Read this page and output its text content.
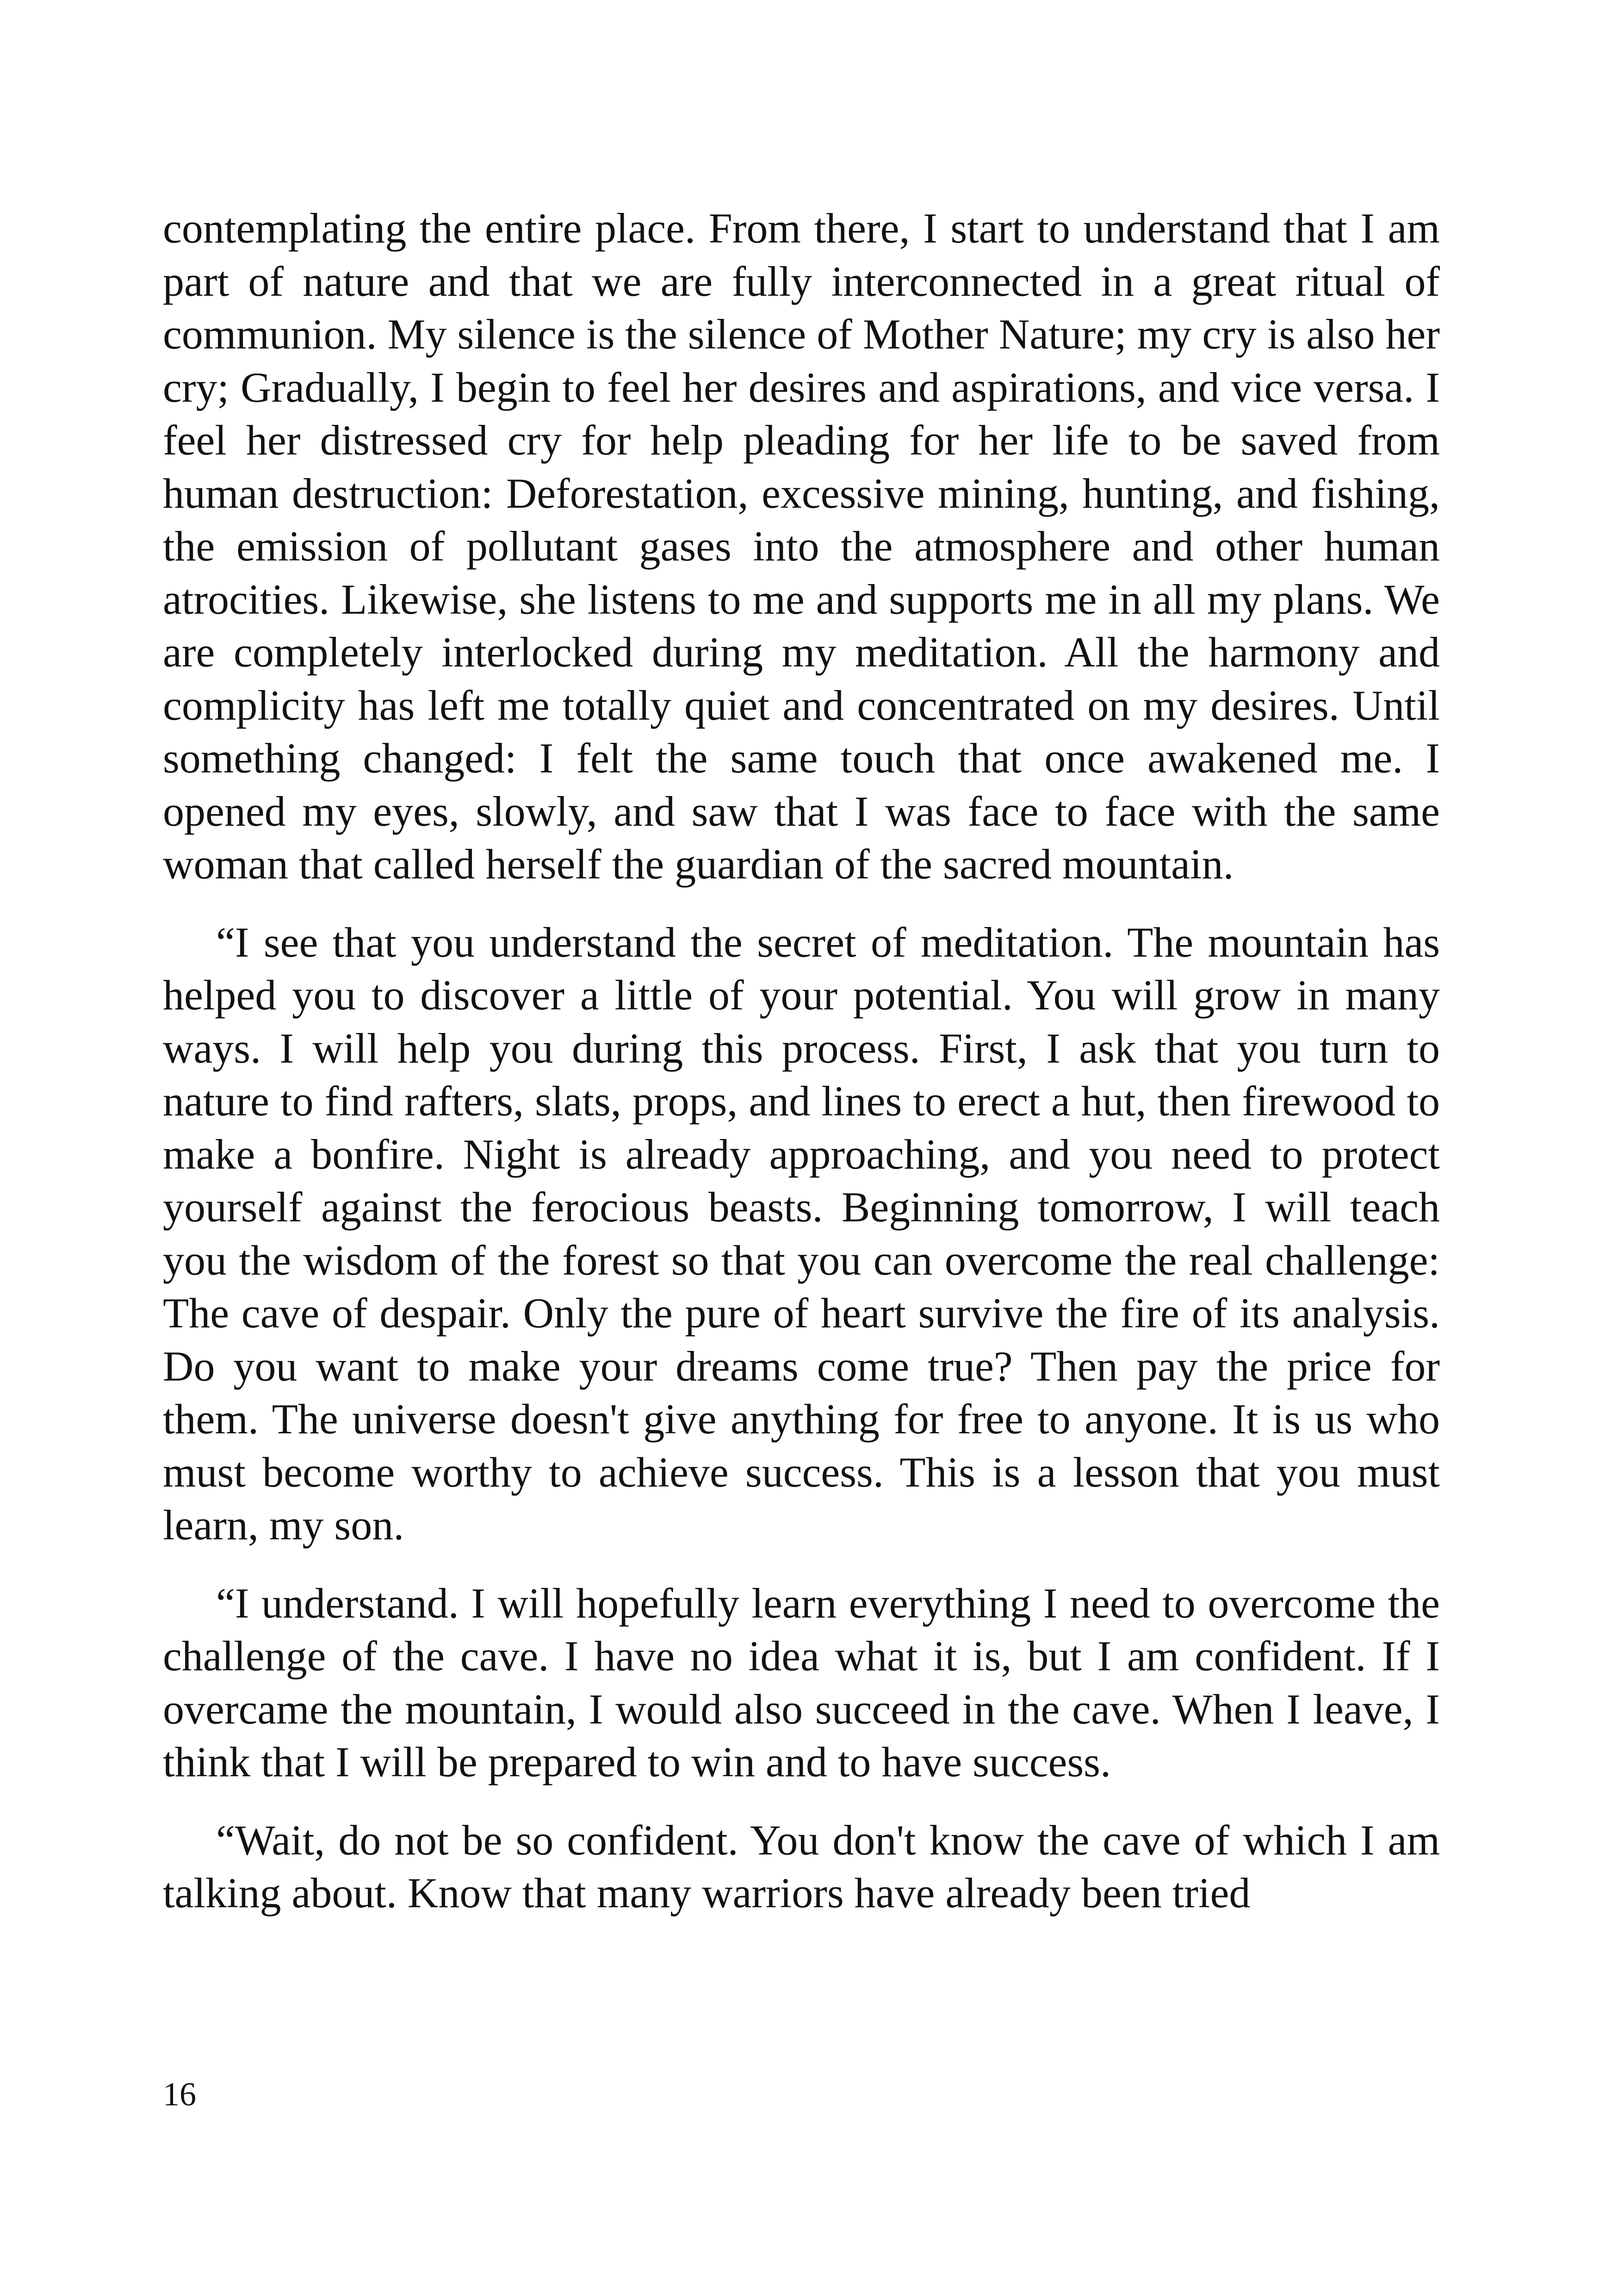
contemplating the entire place. From there, I start to understand that I am part of nature and that we are fully interconnected in a great ritual of communion. My silence is the silence of Mother Nature; my cry is also her cry; Gradually, I begin to feel her desires and aspirations, and vice versa. I feel her distressed cry for help pleading for her life to be saved from human destruction: Deforestation, excessive mining, hunting, and fishing, the emission of pollutant gases into the atmosphere and other human atrocities. Likewise, she listens to me and supports me in all my plans. We are completely interlocked during my meditation. All the harmony and complicity has left me totally quiet and concentrated on my desires. Until something changed: I felt the same touch that once awakened me. I opened my eyes, slowly, and saw that I was face to face with the same woman that called herself the guardian of the sacred mountain.

“I see that you understand the secret of meditation. The mountain has helped you to discover a little of your potential. You will grow in many ways. I will help you during this process. First, I ask that you turn to nature to find rafters, slats, props, and lines to erect a hut, then firewood to make a bonfire. Night is already approaching, and you need to protect yourself against the ferocious beasts. Beginning tomorrow, I will teach you the wisdom of the forest so that you can overcome the real challenge: The cave of despair. Only the pure of heart survive the fire of its analysis. Do you want to make your dreams come true? Then pay the price for them. The universe doesn't give anything for free to anyone. It is us who must become worthy to achieve success. This is a lesson that you must learn, my son.

“I understand. I will hopefully learn everything I need to overcome the challenge of the cave. I have no idea what it is, but I am confident. If I overcame the mountain, I would also succeed in the cave. When I leave, I think that I will be prepared to win and to have success.

“Wait, do not be so confident. You don't know the cave of which I am talking about. Know that many warriors have already been tried

16
